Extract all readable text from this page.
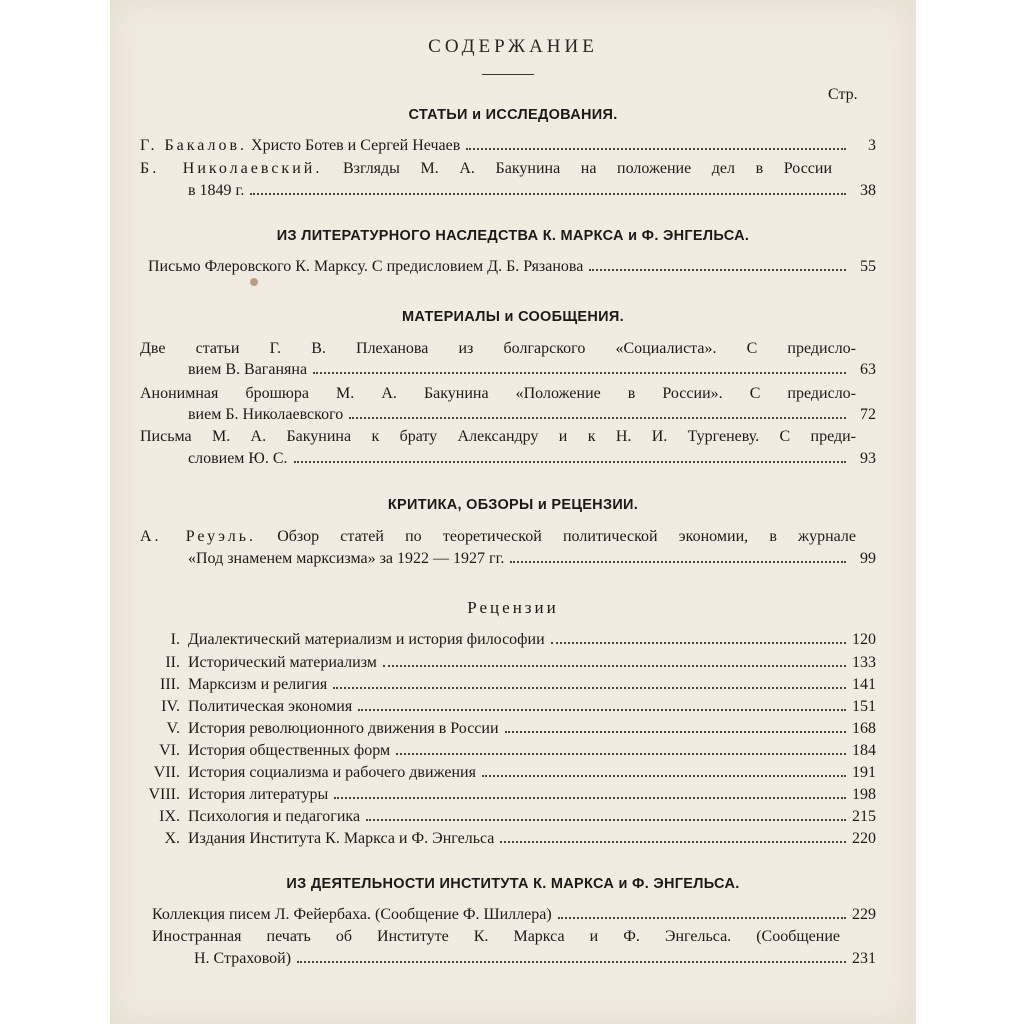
СОДЕРЖАНИЕ
Стр.
СТАТЬИ и ИССЛЕДОВАНИЯ.
Г. Бакалов. Христо Ботев и Сергей Нечаев	3
Б. Николаевский. Взгляды М. А. Бакунина на положение дел в России
в 1849 г.	38
ИЗ ЛИТЕРАТУРНОГО НАСЛЕДСТВА К. МАРКСА и Ф. ЭНГЕЛЬСА.
Письмо Флеровского К. Марксу. С предисловием Д. Б. Рязанова	55
МАТЕРИАЛЫ и СООБЩЕНИЯ.
Две статьи Г. В. Плеханова из болгарского «Социалиста». С предисло-
вием В. Ваганяна	63
Анонимная брошюра М. А. Бакунина «Положение в России». С предисло-
вием Б. Николаевского	72
Письма М. А. Бакунина к брату Александру и к Н. И. Тургеневу. С преди-
словием Ю. С.	93
КРИТИКА, ОБЗОРЫ и РЕЦЕНЗИИ.
А. Реуэль. Обзор статей по теоретической политической экономии, в журнале
«Под знаменем марксизма» за 1922 — 1927 гг.	99
Рецензии
I. Диалектический материализм и история философии	120
II. Исторический материализм	133
III. Марксизм и религия	141
IV. Политическая экономия	151
V. История революционного движения в России	168
VI. История общественных форм	184
VII. История социализма и рабочего движения	191
VIII. История литературы	198
IX. Психология и педагогика	215
X. Издания Института К. Маркса и Ф. Энгельса	220
ИЗ ДЕЯТЕЛЬНОСТИ ИНСТИТУТА К. МАРКСА и Ф. ЭНГЕЛЬСА.
Коллекция писем Л. Фейербаха. (Сообщение Ф. Шиллера)	229
Иностранная печать об Институте К. Маркса и Ф. Энгельса. (Сообщение
Н. Страховой)	231
